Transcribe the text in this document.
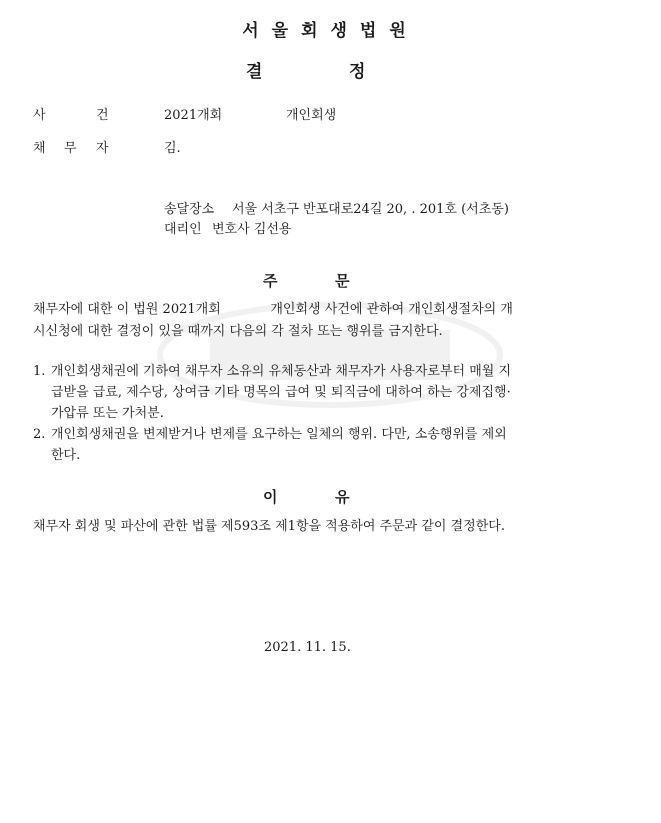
서울회생법원
결	정
사	건	2021개회	개인회생
채 무 자	김.
송달장소 서울 서초구 반포대로24길 20, . 201호 (서초동)
대리인 변호사 김선용
주	문
채무자에 대한 이 법원 2021개회            개인회생 사건에 관하여 개인회생절차의 개
시신청에 대한 결정이 있을 때까지 다음의 각 절차 또는 행위를 금지한다.
1. 개인회생채권에 기하여 채무자 소유의 유체동산과 채무자가 사용자로부터 매월 지
급받을 급료, 제수당, 상여금 기타 명목의 급여 및 퇴직금에 대하여 하는 강제집행·
가압류 또는 가처분.
2. 개인회생채권을 변제받거나 변제를 요구하는 일체의 행위. 다만, 소송행위를 제외
한다.
이	유
채무자 회생 및 파산에 관한 법률 제593조 제1항을 적용하여 주문과 같이 결정한다.
2021. 11. 15.
